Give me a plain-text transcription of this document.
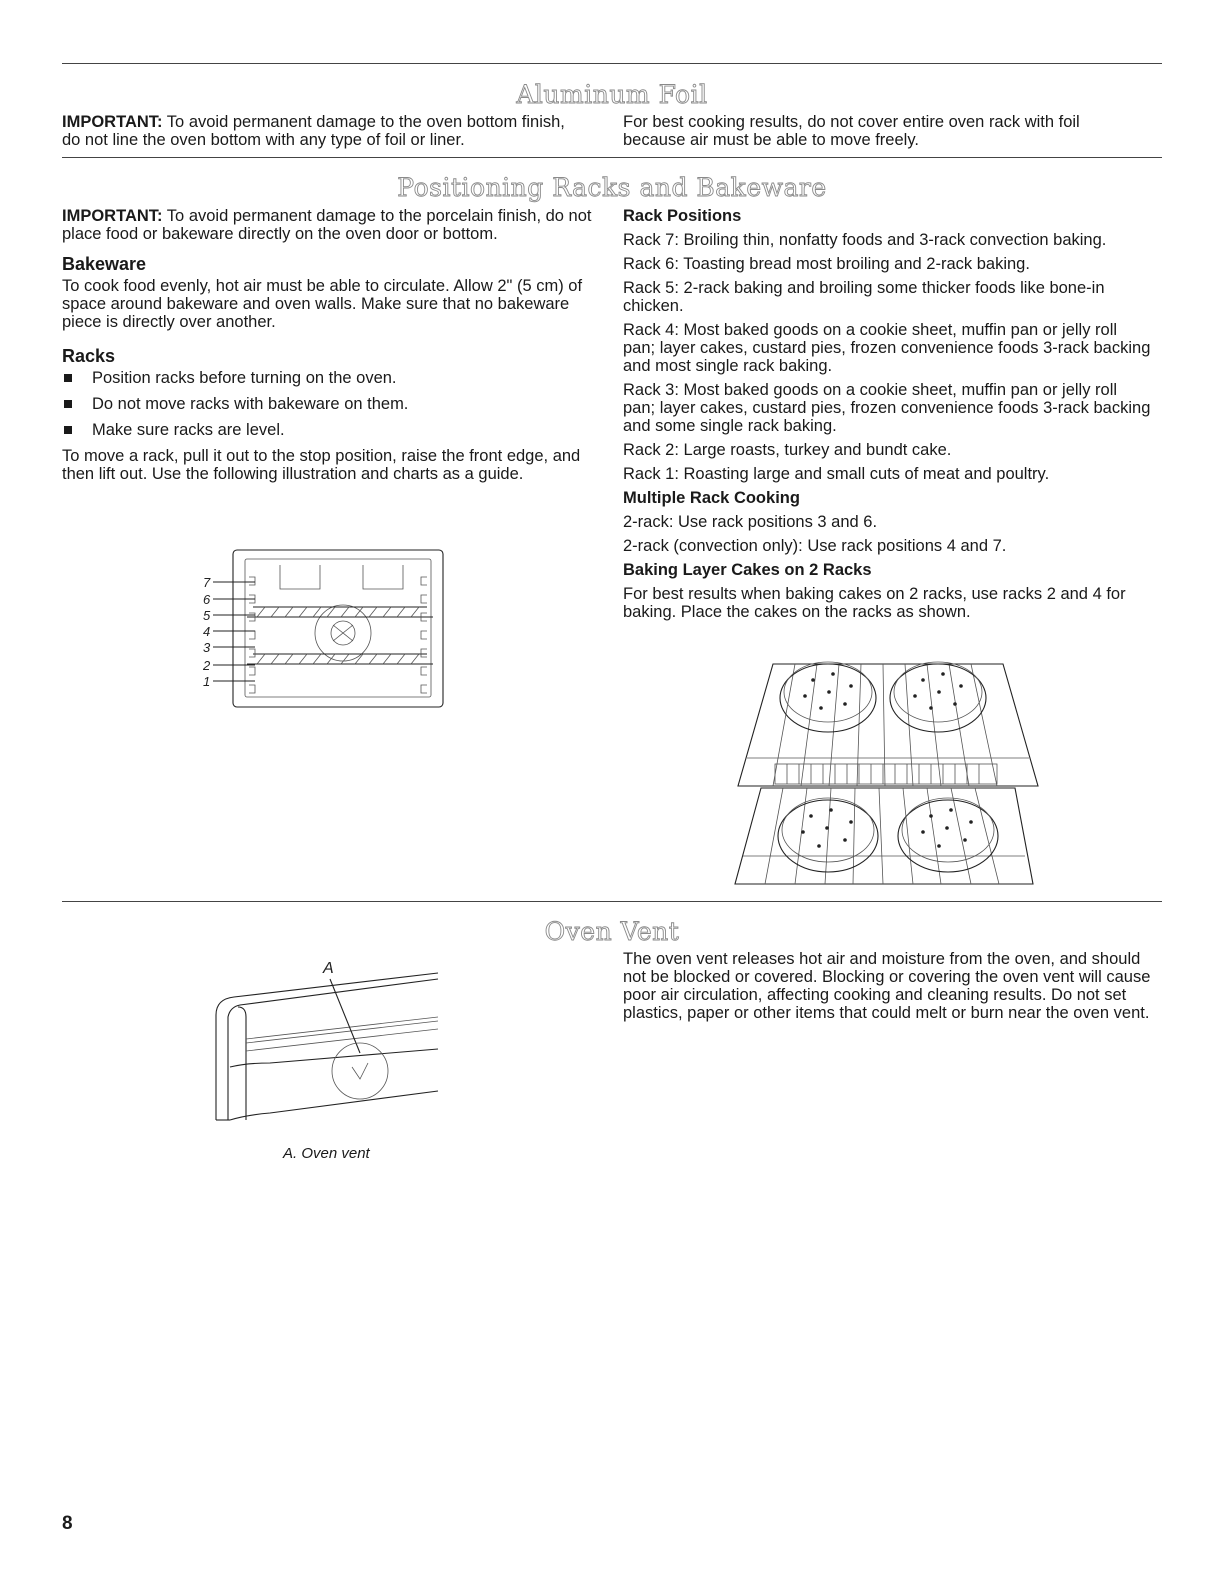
Aluminum Foil

IMPORTANT: To avoid permanent damage to the oven bottom finish, do not line the oven bottom with any type of foil or liner.

For best cooking results, do not cover entire oven rack with foil because air must be able to move freely.

Positioning Racks and Bakeware

IMPORTANT: To avoid permanent damage to the porcelain finish, do not place food or bakeware directly on the oven door or bottom.

Bakeware

To cook food evenly, hot air must be able to circulate. Allow 2" (5 cm) of space around bakeware and oven walls. Make sure that no bakeware piece is directly over another.

Racks
Position racks before turning on the oven.
Do not move racks with bakeware on them.
Make sure racks are level.

To move a rack, pull it out to the stop position, raise the front edge, and then lift out. Use the following illustration and charts as a guide.

7
6
5
4
3
2
1
Rack Positions

Rack 7: Broiling thin, nonfatty foods and 3-rack convection baking.

Rack 6: Toasting bread most broiling and 2-rack baking.

Rack 5: 2-rack baking and broiling some thicker foods like bone-in chicken.

Rack 4: Most baked goods on a cookie sheet, muffin pan or jelly roll pan; layer cakes, custard pies, frozen convenience foods 3-rack backing and most single rack baking.

Rack 3: Most baked goods on a cookie sheet, muffin pan or jelly roll pan; layer cakes, custard pies, frozen convenience foods 3-rack backing and some single rack baking.

Rack 2: Large roasts, turkey and bundt cake.

Rack 1: Roasting large and small cuts of meat and poultry.

Multiple Rack Cooking

2-rack: Use rack positions 3 and 6.

2-rack (convection only): Use rack positions 4 and 7.

Baking Layer Cakes on 2 Racks

For best results when baking cakes on 2 racks, use racks 2 and 4 for baking. Place the cakes on the racks as shown.

Oven Vent
A
A. Oven vent

The oven vent releases hot air and moisture from the oven, and should not be blocked or covered. Blocking or covering the oven vent will cause poor air circulation, affecting cooking and cleaning results. Do not set plastics, paper or other items that could melt or burn near the oven vent.

8
